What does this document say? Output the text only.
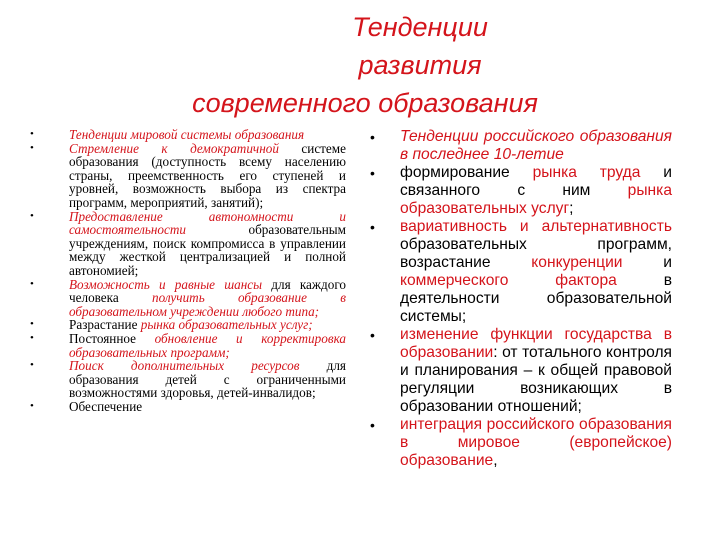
Тенденции
развития
современного образования
•	Тенденции мировой системы образования
•	Стремление к демократичной системе образования (доступность всему населению страны, преемственность его ступеней и уровней, возможность выбора из спектра программ, мероприятий, занятий);
•	Предоставление автономности и самостоятельности образовательным учреждениям, поиск компромисса в управлении между жесткой централизацией и полной автономией;
•	Возможность и равные шансы для каждого человека получить образование в образовательном учреждении любого типа;
•	Разрастание рынка образовательных услуг;
•	Постоянное обновление и корректировка образовательных программ;
•	Поиск дополнительных ресурсов для образования детей с ограниченными возможностями здоровья, детей-инвалидов;
•	Обеспечение
• Тенденции российского образования в последнее 10-летие
• формирование рынка труда и связанного с ним рынка образовательных услуг;
• вариативность и альтернативность образовательных программ, возрастание конкуренции и коммерческого фактора в деятельности образовательной системы;
• изменение функции государства в образовании: от тотального контроля и планирования – к общей правовой регуляции возникающих в образовании отношений;
• интеграция российского образования в мировое (европейское) образование,
